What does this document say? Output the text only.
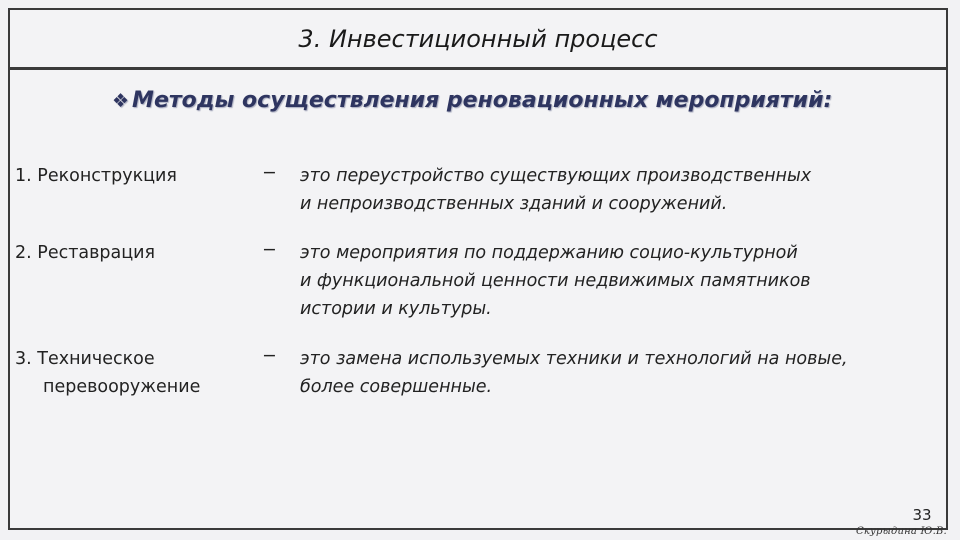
3. Инвестиционный процесс
❖ Методы осуществления реновационных мероприятий:
1. Реконструкция	− это переустройство существующих производственных
и непроизводственных зданий и сооружений.
2. Реставрация	− это мероприятия по поддержанию социо-культурной
и функциональной ценности недвижимых памятников
истории и культуры.
3. Техническое
перевооружение
− это замена используемых техники и технологий на новые,
более совершенные.
33
Скурыдина Ю.В.
